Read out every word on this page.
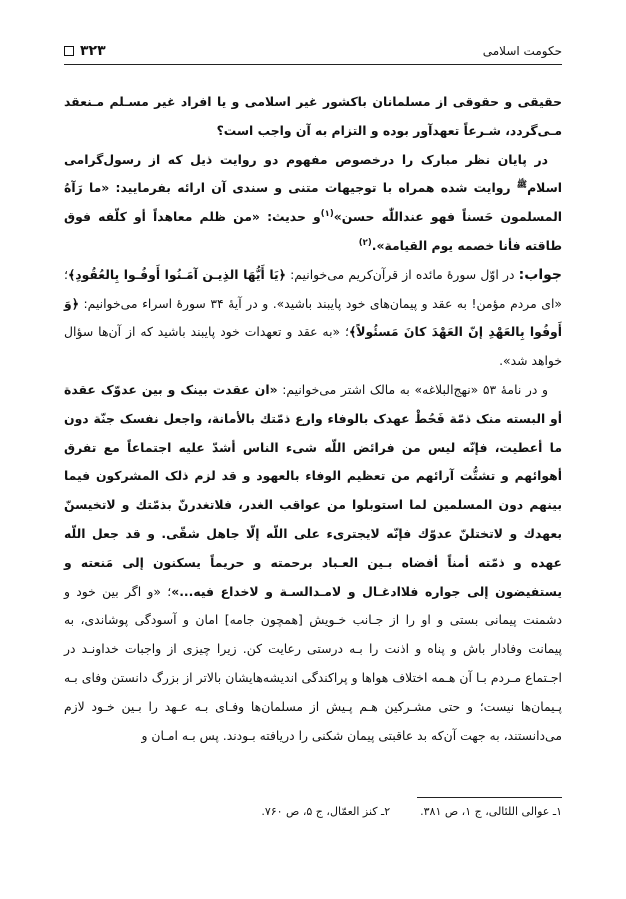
حکومت اسلامی
۳۲۳

حقیقی و حقوقی از مسلمانان باکشور غیر اسلامی و یا افراد غیر مسـلم مـنعقد مـی‌گردد، شـرعاً تعهدآور بوده و التزام به آن واجب است؟

در پایان نظر مبارک را درخصوص مفهوم دو روایت ذیل که از رسول‌گرامی اسلام$^ﷺ$ روایت شده همراه با توجیهات متنی و سندی آن ارائه بفرمایید: «ما رَآهُ المسلمون حَسناً فهو عنداللّٰه حسن»$^{(۱)}$و حدیث: «من ظلم معاهداً أو کلّفه فوق طاقته فأنا خصمه یوم القیامة».$^{(۲)}$

جواب: در اوّل سورهٔ مائده از قرآن‌کریم می‌خوانیم: ﴿یَا أَیُّهَا الذِیـن آمَـنُوا أَوفُـوا بِالعُقُودِ﴾؛ «ای مردم مؤمن! به عقد و پیمان‌های خود پایبند باشید». و در آیهٔ ۳۴ سورهٔ اسراء می‌خوانیم: ﴿وَ أَوفُوا بِالعَهْدِ إنّ العَهْدَ کانَ مَسئُولاً﴾؛ «به عقد و تعهدات خود پایبند باشید که از آن‌ها سؤال خواهد شد».

و در نامهٔ ۵۳ «نهج‌البلاغه» به مالک اشتر می‌خوانیم: «ان عقدت بینک و بین عدوّک عقدة أو البسته منک ذمّة فَحُطْ عهدک بالوفاء وارع ذمّتك بالأمانة، واجعل نفسک جنّة دون ما أعطیت، فإنّه لیس من فرائض اللّه شیء الناس أشدّ علیه اجتماعاً مع تفرق أهوائهم و تشتُّت آرائهم من تعظیم الوفاء بالعهود و قد لزم ذلک المشرکون فیما بینهم دون المسلمین لما استوبلوا من عواقب الغدر، فلاتغدرنّ بذمّتك و لاتخیسنّ بعهدك و لاتختلنّ عدوّك فإنّه لایجتریء علی اللّه إلّا جاهل شقّی. و قد جعل اللّه عهده و ذمّته أمناً أفضاه بـین العـباد برحمته و حریماً یسکنون إلی مَنعته و یستفیضون إلی جواره فلاادغـال و لامـدالسـة و لاخداع فیه...»؛ «و اگر بین خود و دشمنت پیمانی بستی و او را از جـانب خـویش [همچون جامه] امان و آسودگی پوشاندی، به پیمانت وفادار باش و پناه و اذنت را بـه درستی رعایت کن. زیرا چیزی از واجبات خداونـد در اجـتماع مـردم بـا آن هـمه اختلاف هواها و پراکندگی اندیشه‌هایشان بالاتر از بزرگ دانستن وفای بـه پـیمان‌ها نیست؛ و حتی مشـرکین هـم پـیش از مسلمان‌ها وفـای بـه عـهد را بـین خـود لازم می‌دانستند، به جهت آن‌که بد عاقبتی پیمان شکنی را دریافته بـودند. پس بـه امـان و

۱ـ عوالی اللئالی، ج ۱، ص ۳۸۱.
۲ـ کنز العمّال، ج ۵، ص ۷۶۰.
